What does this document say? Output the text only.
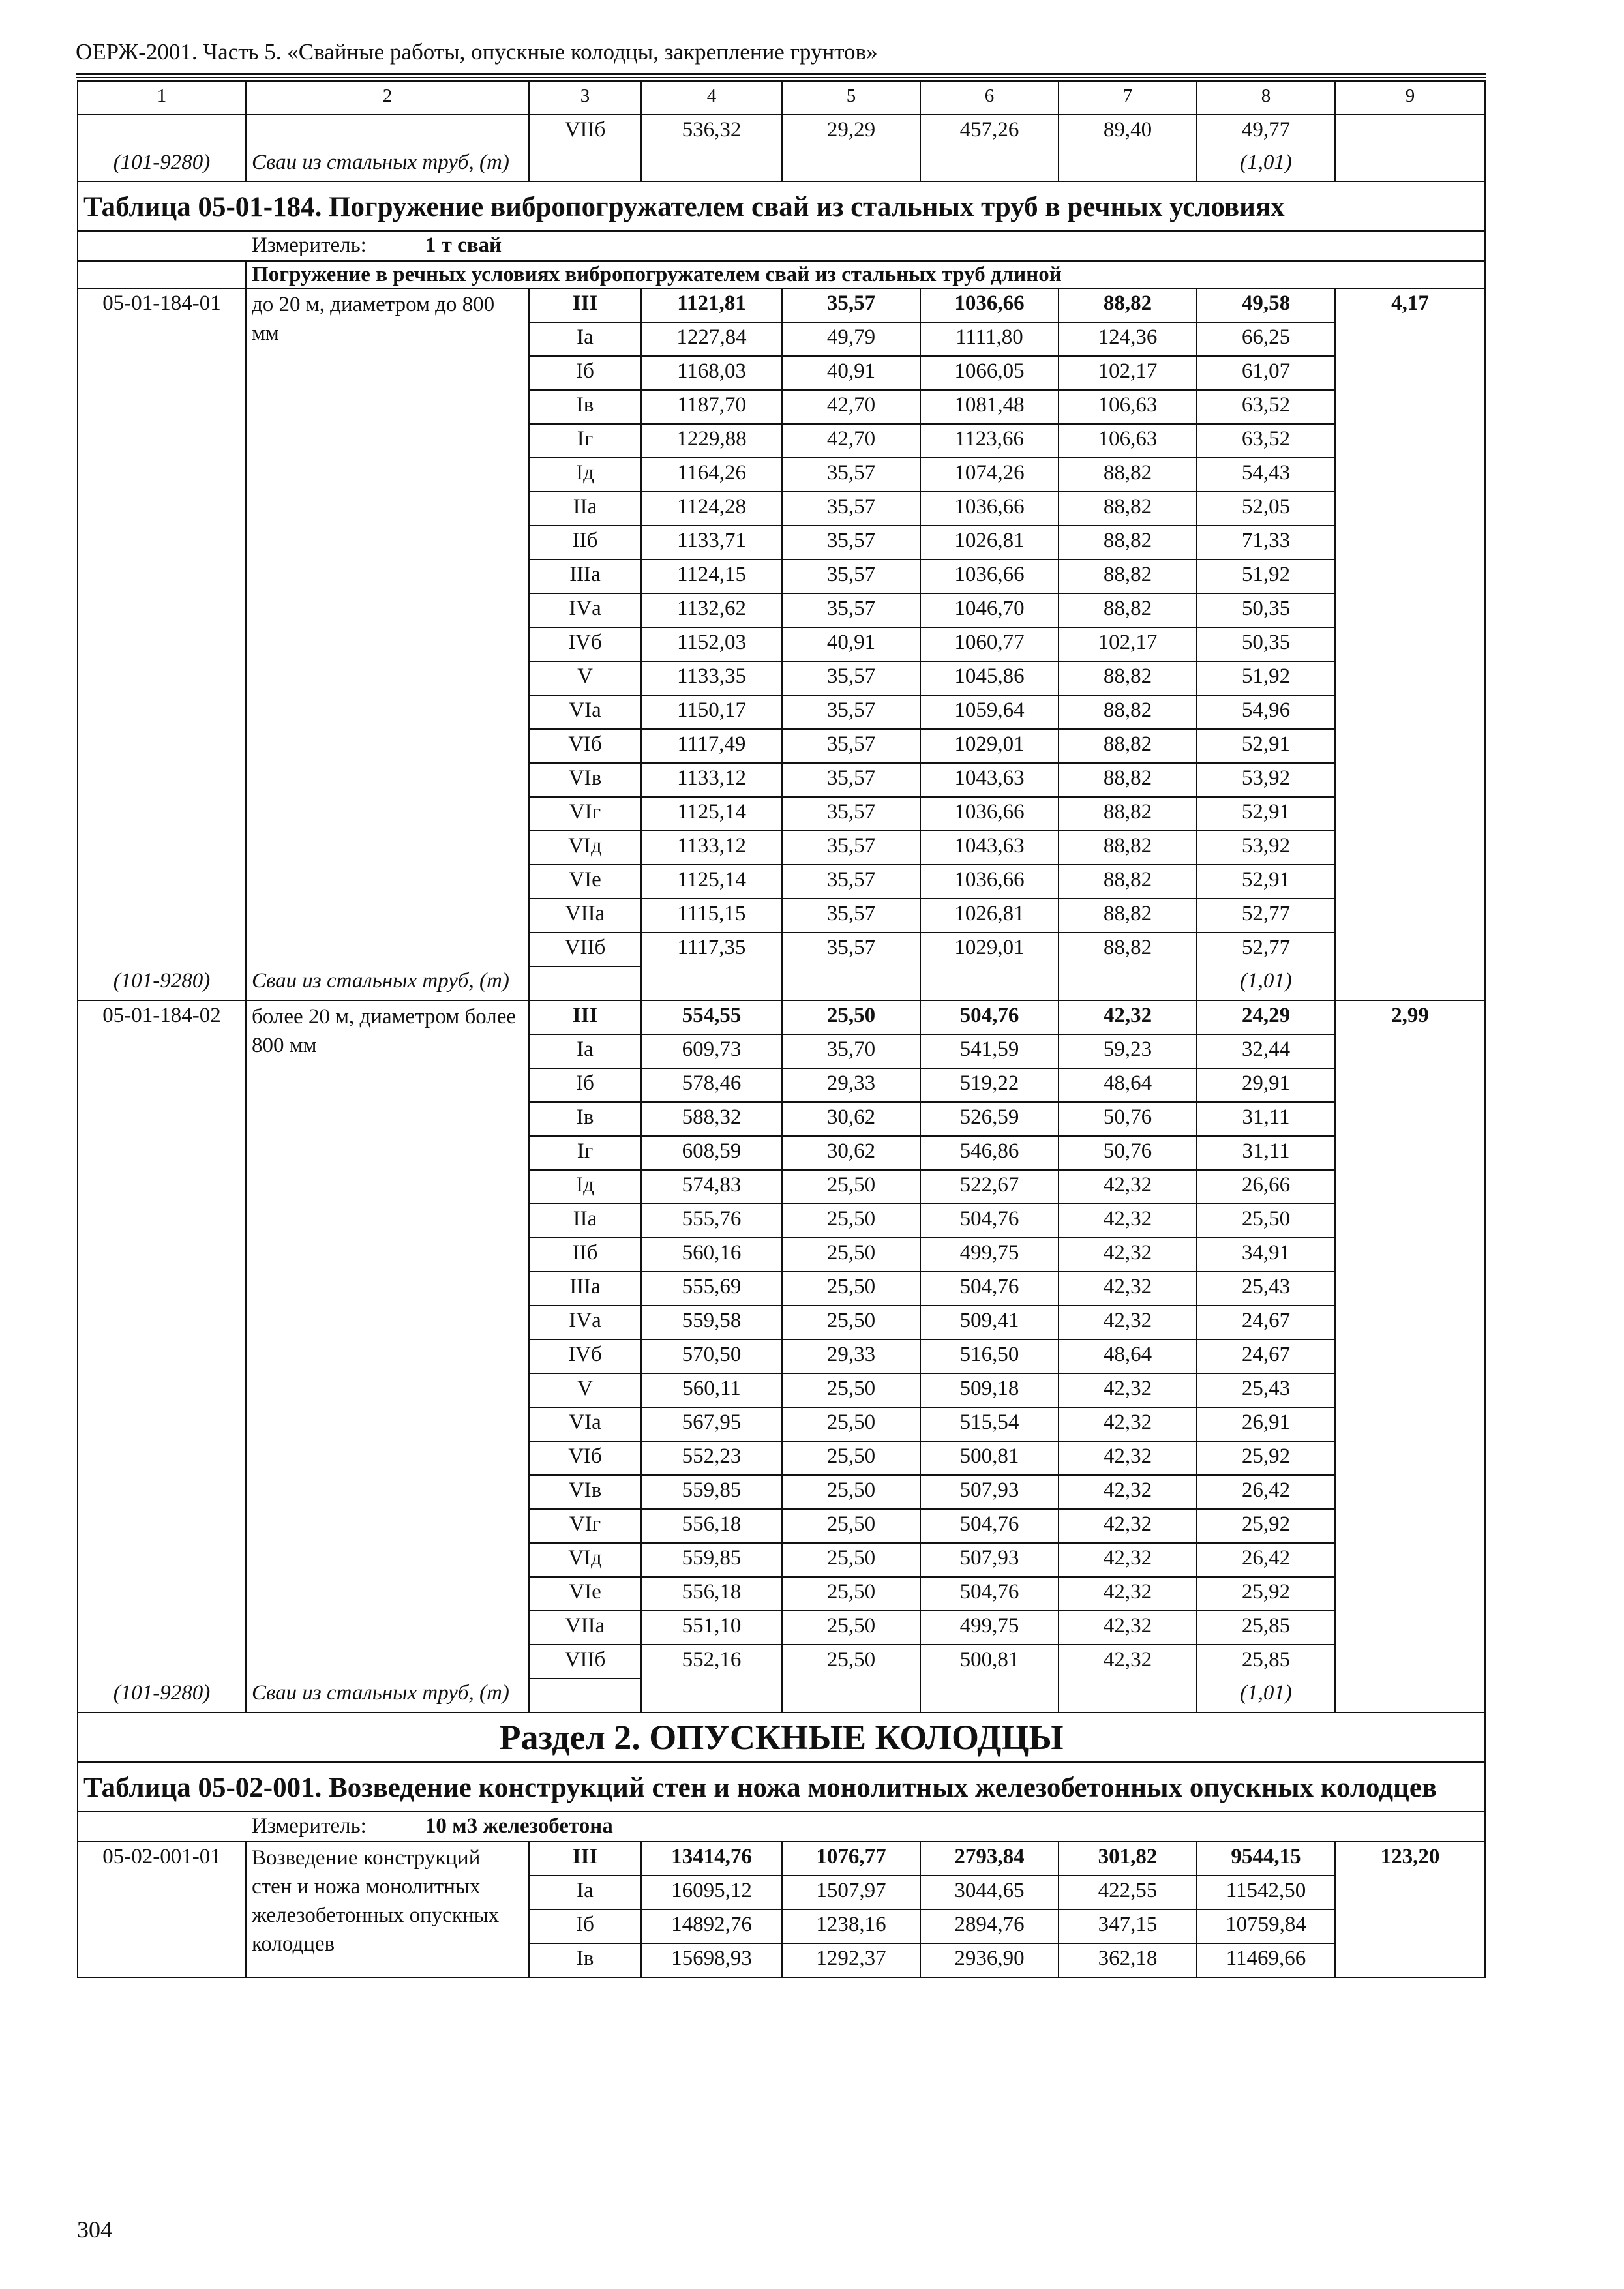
ОЕРЖ-2001. Часть 5. «Свайные работы, опускные колодцы, закрепление грунтов»
1	2	3	4	5	6	7	8	9
		VIIб	536,32	29,29	457,26	89,40	49,77	
(101-9280)	Сваи из стальных труб, (т)						(1,01)	
Таблица 05-01-184. Погружение вибропогружателем свай из стальных труб в речных условиях								
Измеритель: 1 т свай								
	Погружение в речных условиях вибропогружателем свай из стальных труб длиной							
05-01-184-01	до 20 м, диаметром до 800 мм	III	1121,81	35,57	1036,66	88,82	49,58	4,17
		Iа	1227,84	49,79	1111,80	124,36	66,25	
		Iб	1168,03	40,91	1066,05	102,17	61,07	
		Iв	1187,70	42,70	1081,48	106,63	63,52	
		Iг	1229,88	42,70	1123,66	106,63	63,52	
		Iд	1164,26	35,57	1074,26	88,82	54,43	
		IIа	1124,28	35,57	1036,66	88,82	52,05	
		IIб	1133,71	35,57	1026,81	88,82	71,33	
		IIIа	1124,15	35,57	1036,66	88,82	51,92	
		IVа	1132,62	35,57	1046,70	88,82	50,35	
		IVб	1152,03	40,91	1060,77	102,17	50,35	
		V	1133,35	35,57	1045,86	88,82	51,92	
		VIа	1150,17	35,57	1059,64	88,82	54,96	
		VIб	1117,49	35,57	1029,01	88,82	52,91	
		VIв	1133,12	35,57	1043,63	88,82	53,92	
		VIг	1125,14	35,57	1036,66	88,82	52,91	
		VIд	1133,12	35,57	1043,63	88,82	53,92	
		VIе	1125,14	35,57	1036,66	88,82	52,91	
		VIIа	1115,15	35,57	1026,81	88,82	52,77	
		VIIб	1117,35	35,57	1029,01	88,82	52,77	
(101-9280)	Сваи из стальных труб, (т)						(1,01)	
05-01-184-02	более 20 м, диаметром более 800 мм	III	554,55	25,50	504,76	42,32	24,29	2,99
		Iа	609,73	35,70	541,59	59,23	32,44	
		Iб	578,46	29,33	519,22	48,64	29,91	
		Iв	588,32	30,62	526,59	50,76	31,11	
		Iг	608,59	30,62	546,86	50,76	31,11	
		Iд	574,83	25,50	522,67	42,32	26,66	
		IIа	555,76	25,50	504,76	42,32	25,50	
		IIб	560,16	25,50	499,75	42,32	34,91	
		IIIа	555,69	25,50	504,76	42,32	25,43	
		IVа	559,58	25,50	509,41	42,32	24,67	
		IVб	570,50	29,33	516,50	48,64	24,67	
		V	560,11	25,50	509,18	42,32	25,43	
		VIа	567,95	25,50	515,54	42,32	26,91	
		VIб	552,23	25,50	500,81	42,32	25,92	
		VIв	559,85	25,50	507,93	42,32	26,42	
		VIг	556,18	25,50	504,76	42,32	25,92	
		VIд	559,85	25,50	507,93	42,32	26,42	
		VIе	556,18	25,50	504,76	42,32	25,92	
		VIIа	551,10	25,50	499,75	42,32	25,85	
		VIIб	552,16	25,50	500,81	42,32	25,85	
(101-9280)	Сваи из стальных труб, (т)						(1,01)	
Раздел 2. ОПУСКНЫЕ КОЛОДЦЫ								
Таблица 05-02-001. Возведение конструкций стен и ножа монолитных железобетонных опускных колодцев								
Измеритель: 10 м3 железобетона								
05-02-001-01	Возведение конструкций стен и ножа монолитных железобетонных опускных колодцев	III	13414,76	1076,77	2793,84	301,82	9544,15	123,20
		Iа	16095,12	1507,97	3044,65	422,55	11542,50	
		Iб	14892,76	1238,16	2894,76	347,15	10759,84	
		Iв	15698,93	1292,37	2936,90	362,18	11469,66	
304
